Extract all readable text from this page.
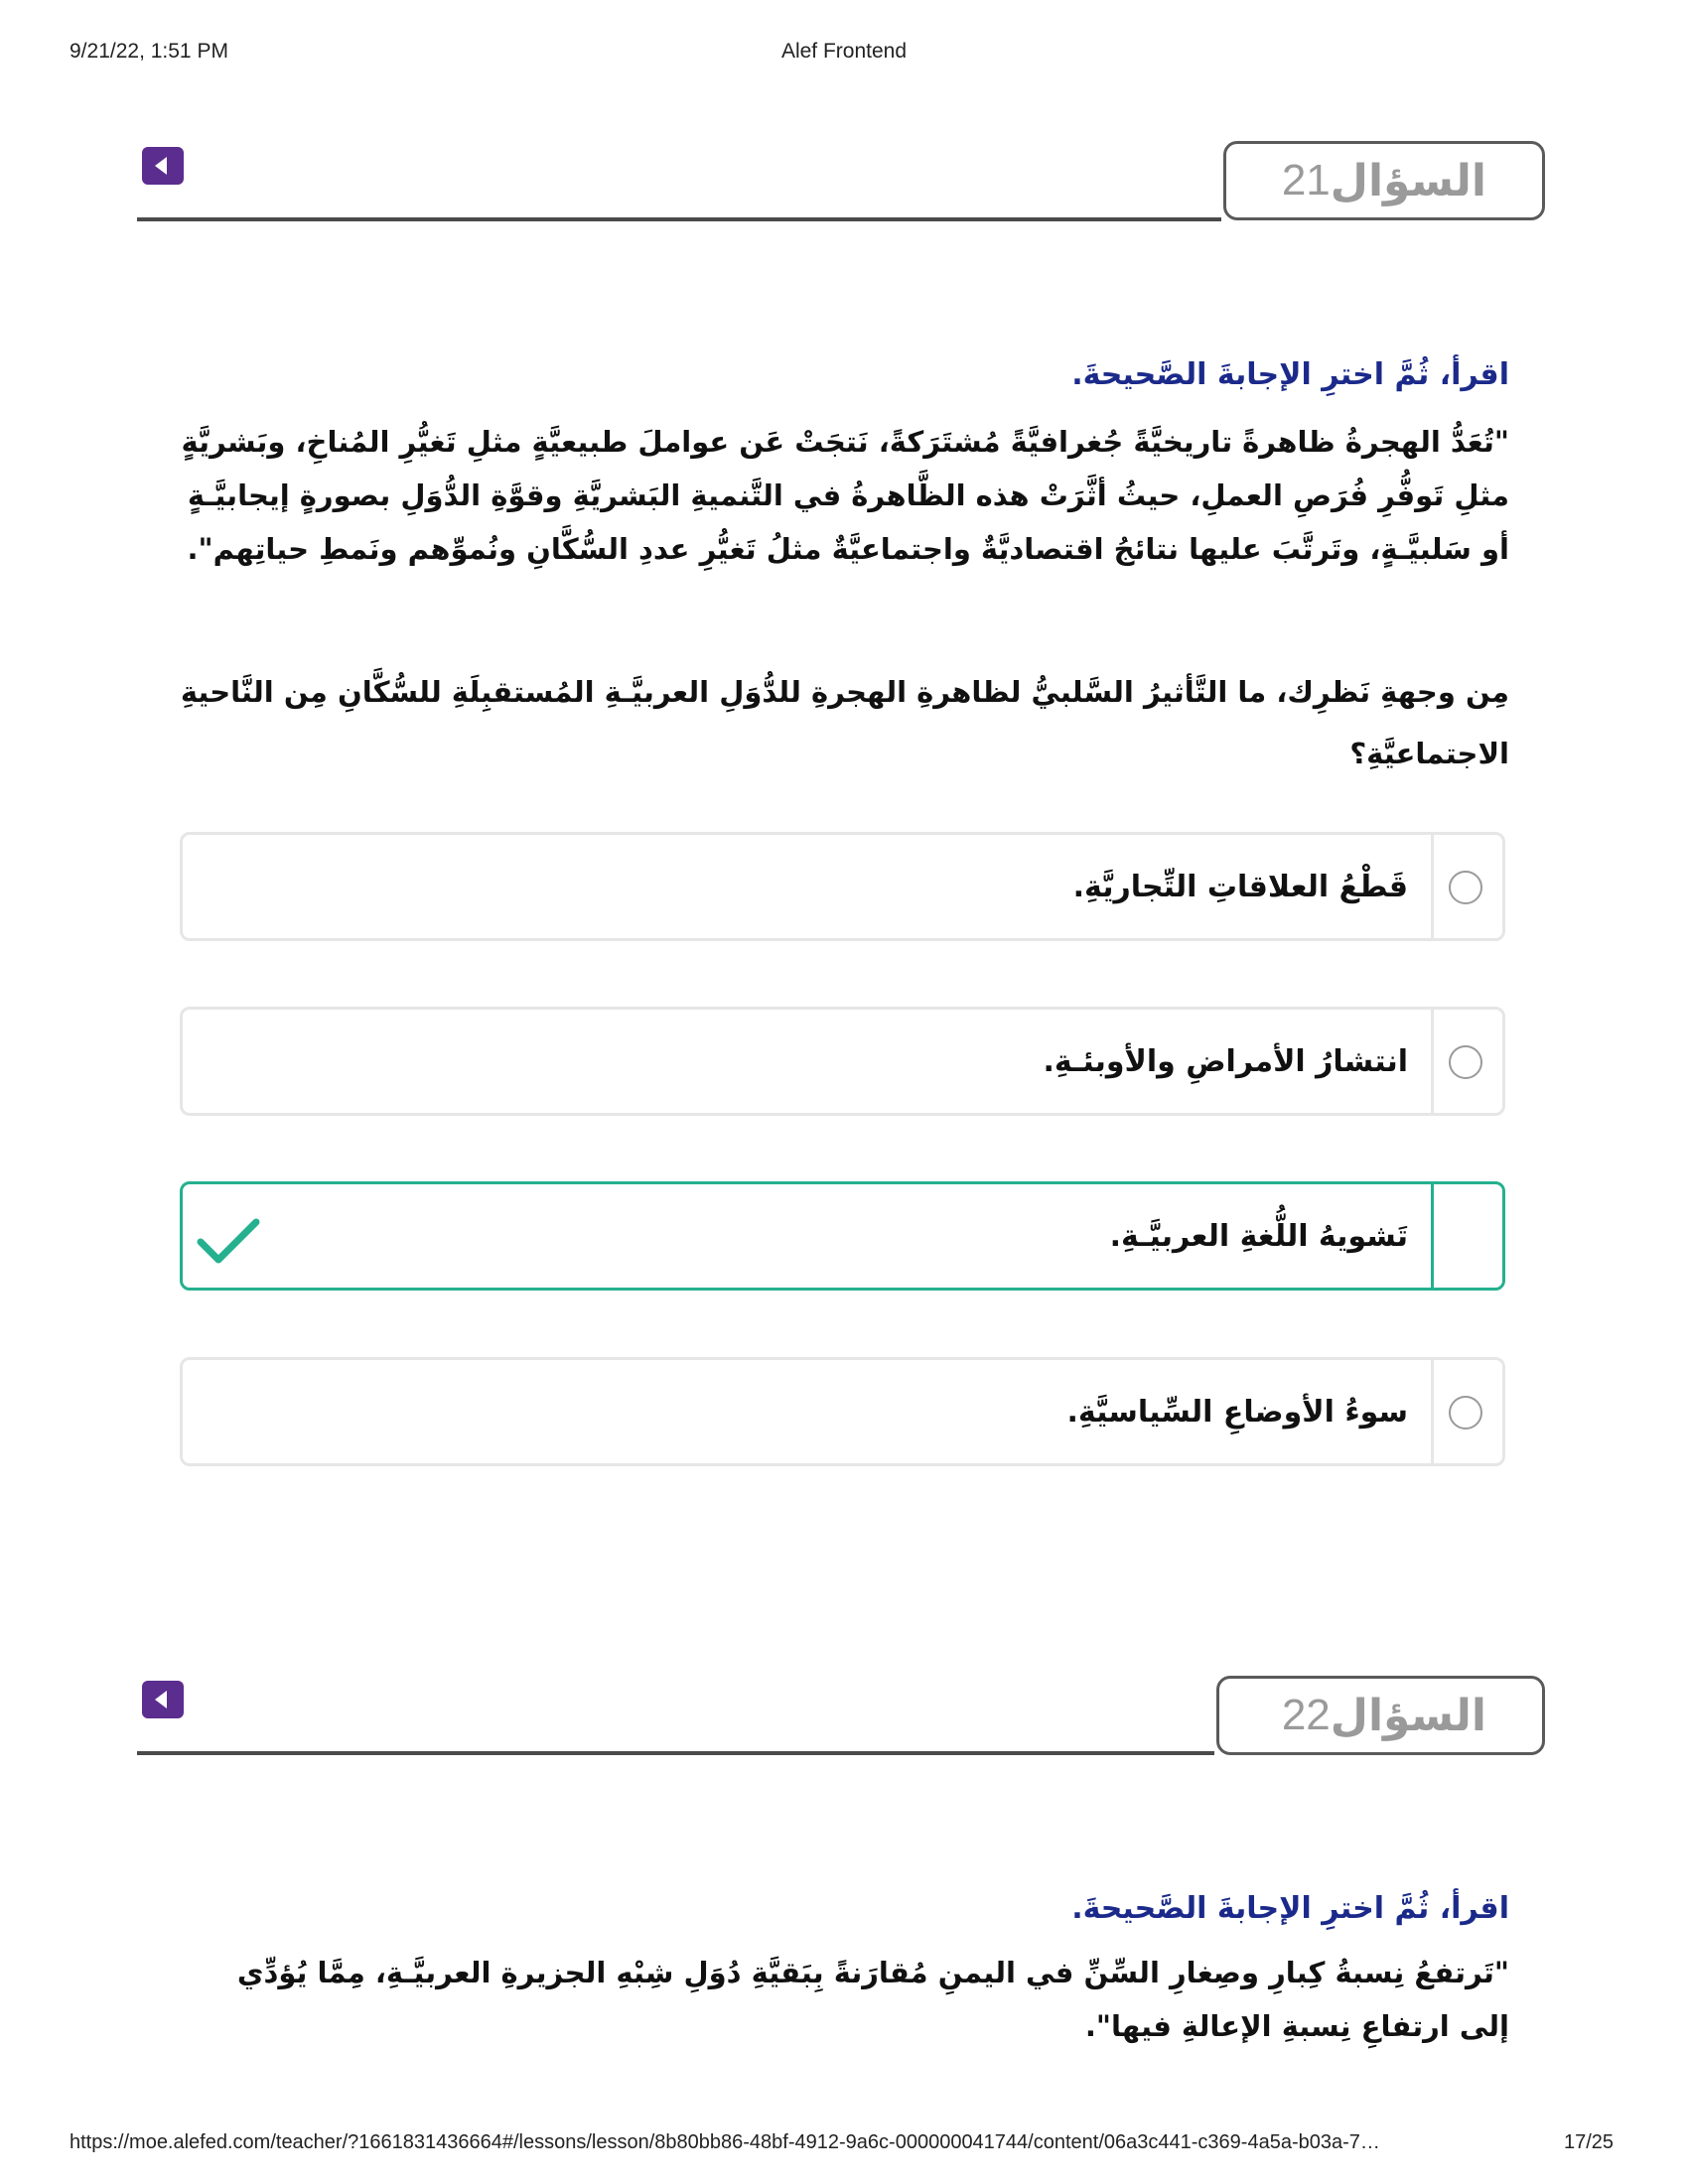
9/21/22, 1:51 PM	Alef Frontend
السؤال
21
اقرأ، ثُمَّ اخترِ الإجابةَ الصَّحيحةَ.
"تُعَدُّ الهجرةُ ظاهرةً تاريخيَّةً جُغرافيَّةً مُشتَرَكةً، نَتجَتْ عَن عواملَ طبيعيَّةٍ مثلِ تَغيُّرِ المُناخِ، وبَشريَّةٍ مثلِ تَوفُّرِ فُرَصِ العملِ، حيثُ أثَّرَتْ هذه الظَّاهرةُ في التَّنميةِ البَشريَّةِ وقوَّةِ الدُّوَلِ بصورةٍ إيجابيَّـةٍ أو سَلبيَّـةٍ، وتَرتَّبَ عليها نتائجُ اقتصاديَّةٌ واجتماعيَّةٌ مثلُ تَغيُّرِ عددِ السُّكَّانِ ونُموِّهم ونَمطِ حياتِهم".
مِن وجهةِ نَظرِك، ما التَّأثيرُ السَّلبيُّ لظاهرةِ الهجرةِ للدُّوَلِ العربيَّـةِ المُستقبِلَةِ للسُّكَّانِ مِن النَّاحيةِ الاجتماعيَّةِ؟
قَطْعُ العلاقاتِ التِّجاريَّةِ.
انتشارُ الأمراضِ والأوبئـةِ.
تَشويهُ اللُّغةِ العربيَّـةِ.
سوءُ الأوضاعِ السِّياسيَّةِ.
السؤال
22
اقرأ، ثُمَّ اخترِ الإجابةَ الصَّحيحةَ.
"تَرتفعُ نِسبةُ كِبارِ وصِغارِ السِّنِّ في اليمنِ مُقارَنةً بِبَقيَّةِ دُوَلِ شِبْهِ الجزيرةِ العربيَّـةِ، مِمَّا يُؤدِّي إلى ارتفاعِ نِسبةِ الإعالةِ فيها".
https://moe.alefed.com/teacher/?1661831436664#/lessons/lesson/8b80bb86-48bf-4912-9a6c-000000041744/content/06a3c441-c369-4a5a-b03a-7…	17/25
